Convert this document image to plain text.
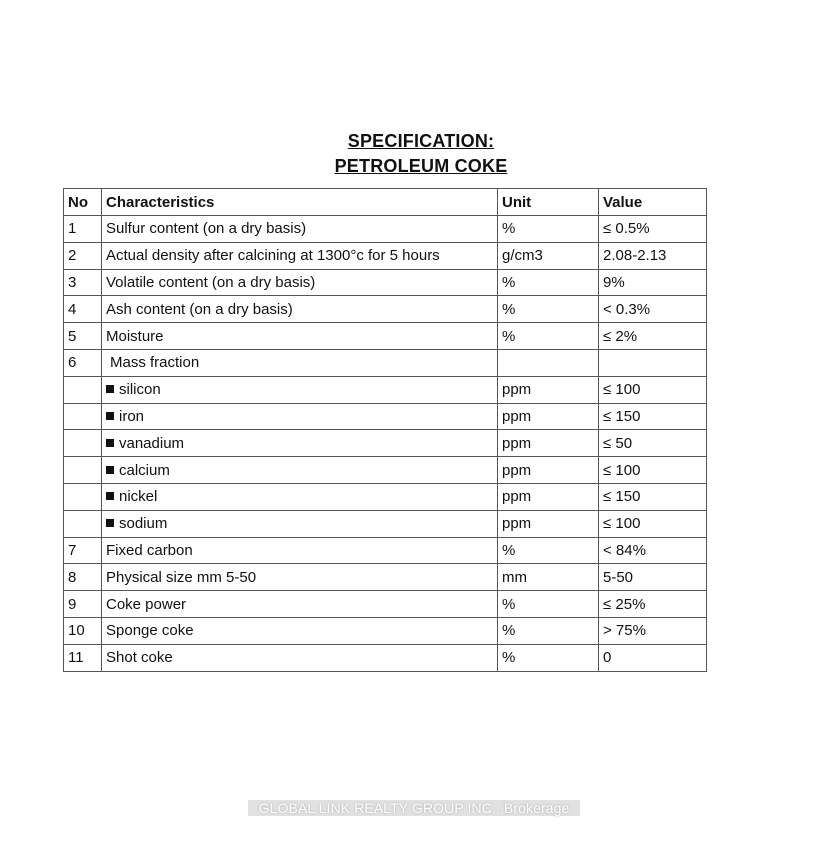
SPECIFICATION:
PETROLEUM COKE
No	Characteristics	Unit	Value
1	Sulfur content (on a dry basis)	%	≤ 0.5%
2	Actual density after calcining at 1300°c for 5 hours	g/cm3	2.08-2.13
3	Volatile content (on a dry basis)	%	9%
4	Ash content (on a dry basis)	%	< 0.3%
5	Moisture	%	≤ 2%
6	Mass fraction		
	silicon	ppm	≤ 100
	iron	ppm	≤ 150
	vanadium	ppm	≤ 50
	calcium	ppm	≤ 100
	nickel	ppm	≤ 150
	sodium	ppm	≤ 100
7	Fixed carbon	%	< 84%
8	Physical size mm 5-50	mm	5-50
9	Coke power	%	≤ 25%
10	Sponge coke	%	> 75%
11	Shot coke	%	0
GLOBAL LINK REALTY GROUP INC., Brokerage
